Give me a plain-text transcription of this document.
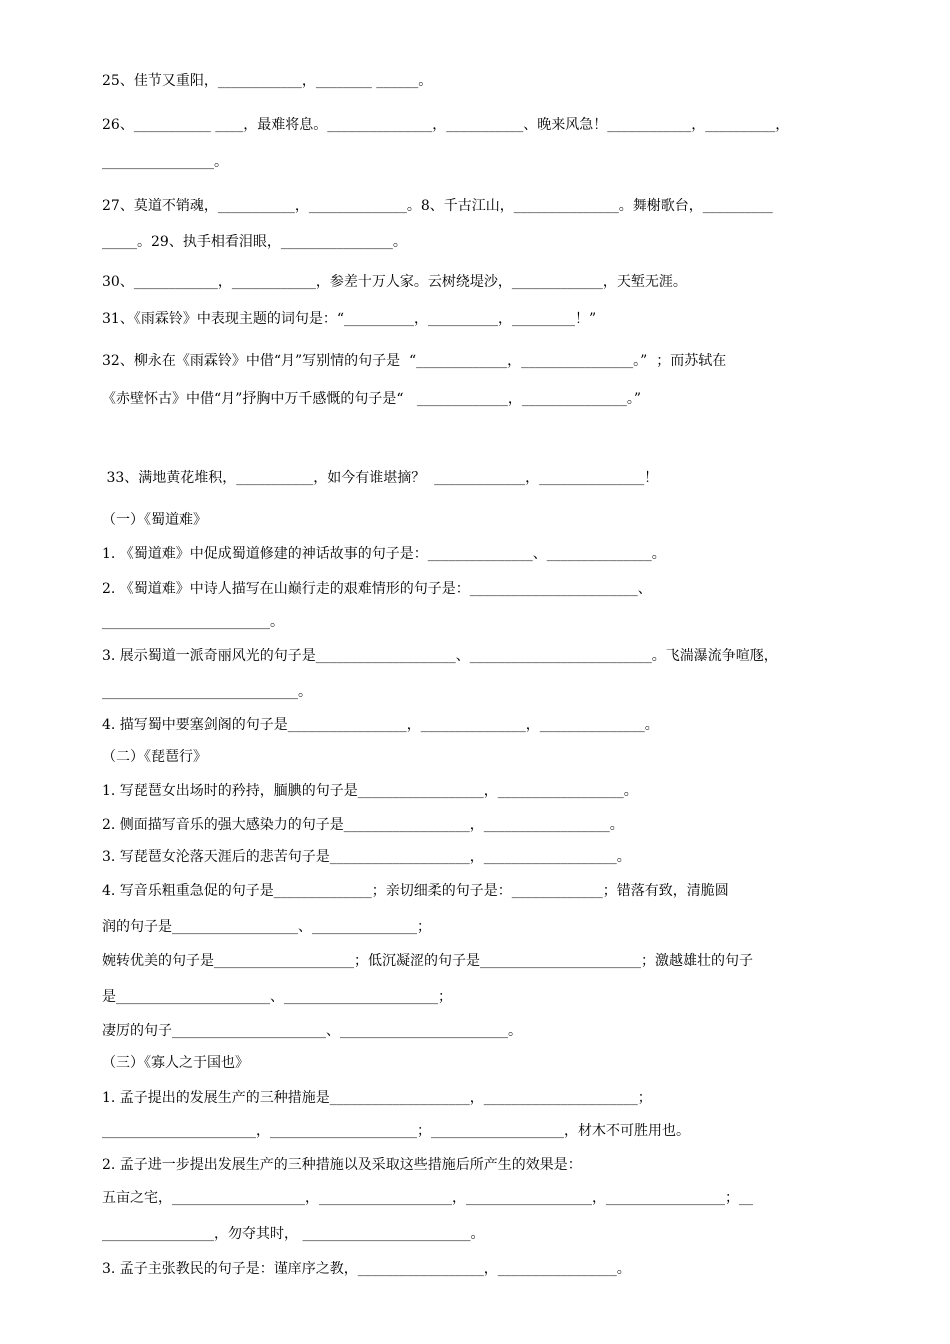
25、佳节又重阳，____________，________ ______。
26、___________ ____，最难将息。_______________，___________、晚来风急！____________，__________，
________________。
27、莫道不销魂，___________，______________。8、千古江山，_______________。舞榭歌台，__________
_____。29、执手相看泪眼，________________。
30、____________，____________，参差十万人家。云树绕堤沙，_____________，天堑无涯。
31、《雨霖铃》中表现主题的词句是：“__________，__________，_________！”
32、柳永在《雨霖铃》中借“月”写别情的句子是  “_____________，________________。”  ；而苏轼在
《赤壁怀古》中借“月”抒胸中万千感慨的句子是“   _____________，_______________。”
33、满地黄花堆积，___________，如今有谁堪摘？  _____________，_______________！
（一）《蜀道难》
1. 《蜀道难》中促成蜀道修建的神话故事的句子是：_______________、_______________。
2. 《蜀道难》中诗人描写在山巅行走的艰难情形的句子是：________________________、
________________________。
3. 展示蜀道一派奇丽风光的句子是____________________、__________________________。飞湍瀑流争喧豗，
____________________________。
4. 描写蜀中要塞剑阁的句子是_________________，_______________，_______________。
（二）《琵琶行》
1. 写琵琶女出场时的矜持，腼腆的句子是__________________，__________________。
2. 侧面描写音乐的强大感染力的句子是__________________，__________________。
3. 写琵琶女沦落天涯后的悲苦句子是____________________，___________________。
4. 写音乐粗重急促的句子是______________；亲切细柔的句子是：_____________；错落有致，清脆圆
润的句子是__________________、_______________；
婉转优美的句子是____________________；低沉凝涩的句子是_______________________；激越雄壮的句子
是______________________、______________________；
凄厉的句子______________________、________________________。
（三）《寡人之于国也》
1. 孟子提出的发展生产的三种措施是____________________，______________________；
______________________，_____________________；___________________，材木不可胜用也。
2. 孟子进一步提出发展生产的三种措施以及采取这些措施后所产生的效果是：
五亩之宅，___________________，___________________，__________________，_________________；__
________________，勿夺其时， ________________________。
3. 孟子主张教民的句子是：谨庠序之教，__________________，_________________。
